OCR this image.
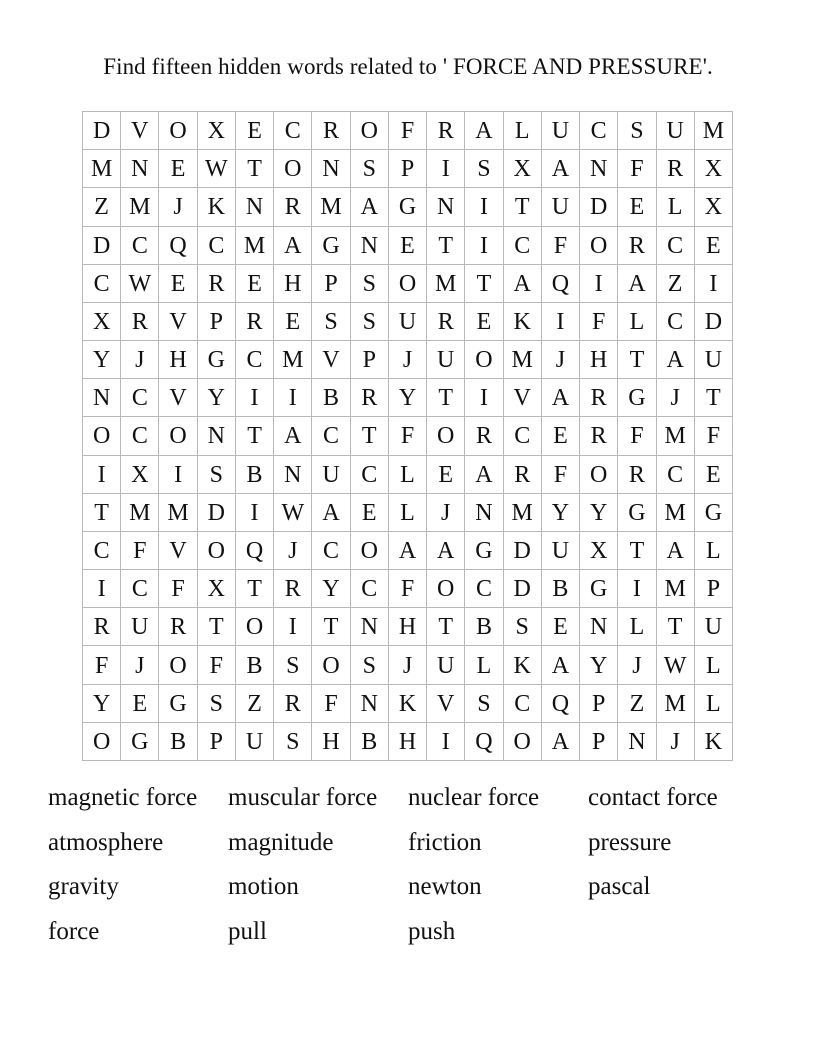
Find fifteen hidden words related to ' FORCE AND PRESSURE'.
D V O X E C R O F R A L U C S U M
M N E W T O N S	P	I	S X A N F R X
Z M J	K N R M A G N	I	T U D E L X
D C Q C M A G N E T	I	C F O R C E
C W E R E H P	S O M T A Q	I	A Z	I
X R V P R E	S	S U R E K	I	F	L C D
Y	J	H G C M V P	J	U O M J	H T A U
N C V Y	I	I	B R Y T	I	V A R G	J	T
O C O N T A C T	F O R C E R F M F
I	X	I	S B N U C L E A R F O R C E
T M M D	I W A E L	J	N M Y Y G M G
C F V O Q	J	C O A A G D U X T A L
I	C F X T R Y C F O C D B G	I M P
R U R T O	I	T N H T B S	E N L T U
F	J	O F B S O S	J	U L K A Y	J W L
Y E G S	Z R F N K V S C Q P	Z M L
O G B P U S H B H	I	Q O A P N	J	K
magnetic force	muscular force	nuclear force	contact force
atmosphere	magnitude	friction	pressure
gravity	motion	newton	pascal
force	pull	push
